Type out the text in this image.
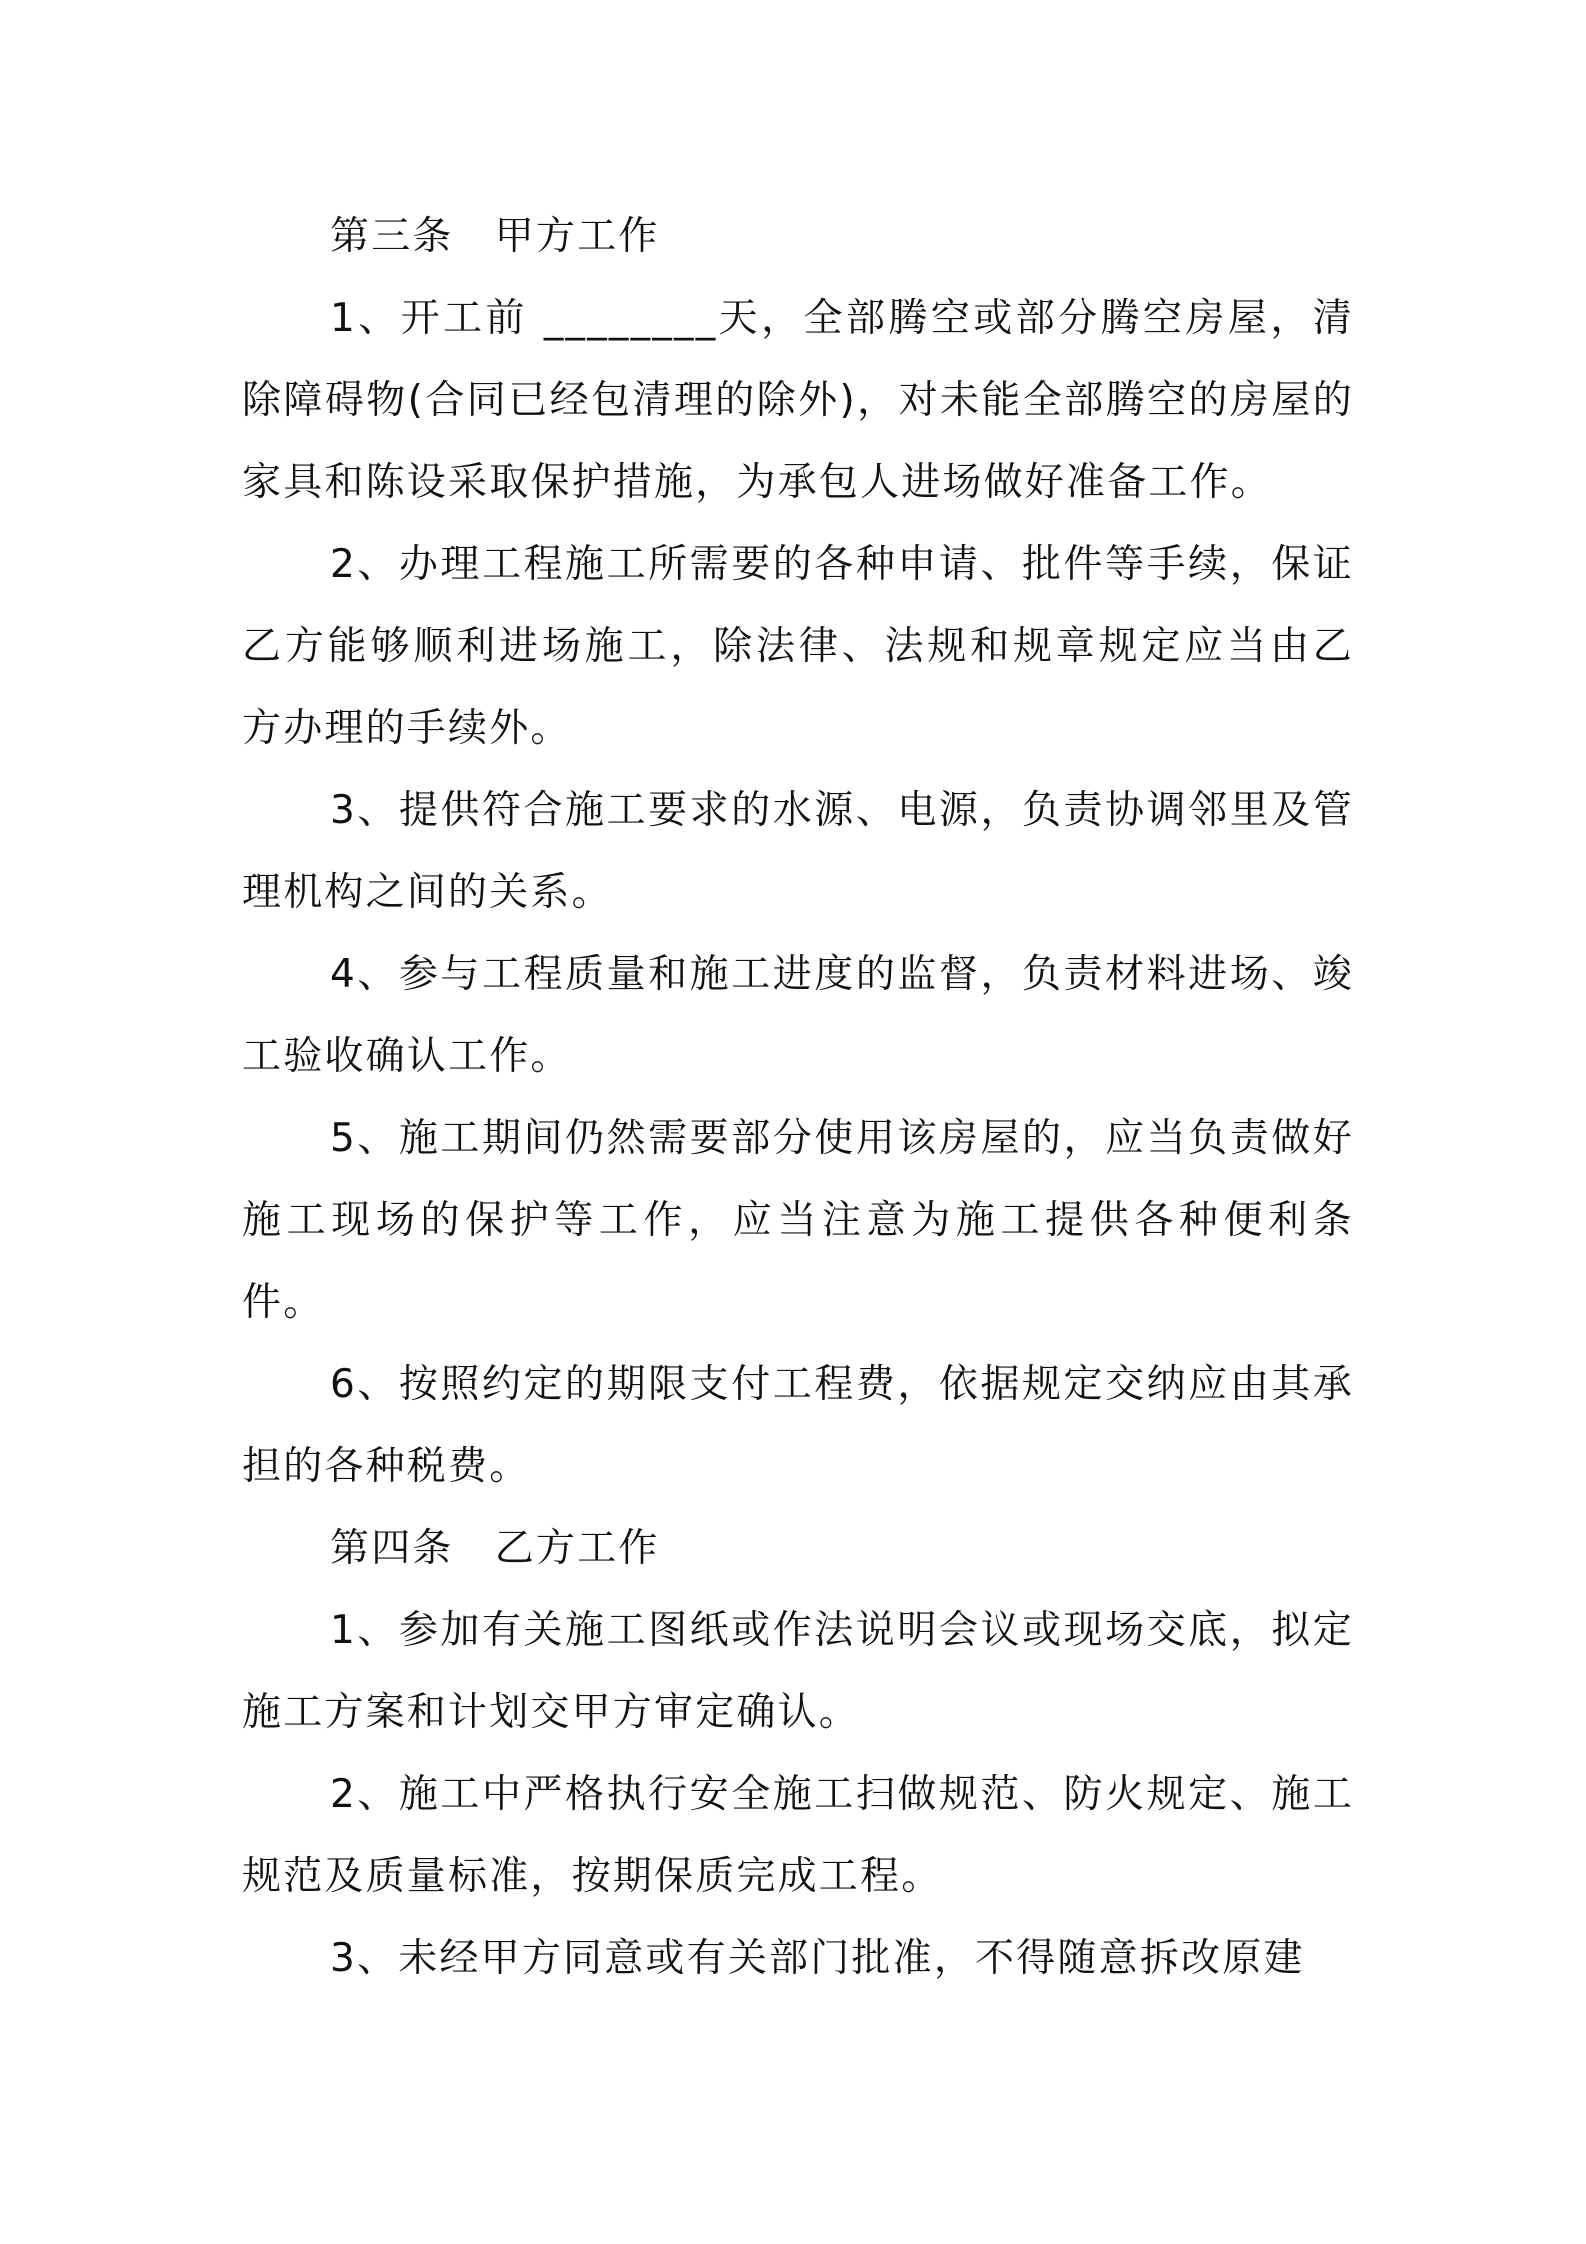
第三条　甲方工作

1、开工前 ________天，全部腾空或部分腾空房屋，清除障碍物(合同已经包清理的除外)，对未能全部腾空的房屋的家具和陈设采取保护措施，为承包人进场做好准备工作。

2、办理工程施工所需要的各种申请、批件等手续，保证乙方能够顺利进场施工，除法律、法规和规章规定应当由乙方办理的手续外。

3、提供符合施工要求的水源、电源，负责协调邻里及管理机构之间的关系。

4、参与工程质量和施工进度的监督，负责材料进场、竣工验收确认工作。

5、施工期间仍然需要部分使用该房屋的，应当负责做好施工现场的保护等工作，应当注意为施工提供各种便利条件。

6、按照约定的期限支付工程费，依据规定交纳应由其承担的各种税费。

第四条　乙方工作

1、参加有关施工图纸或作法说明会议或现场交底，拟定施工方案和计划交甲方审定确认。

2、施工中严格执行安全施工扫做规范、防火规定、施工规范及质量标准，按期保质完成工程。

3、未经甲方同意或有关部门批准，不得随意拆改原建
